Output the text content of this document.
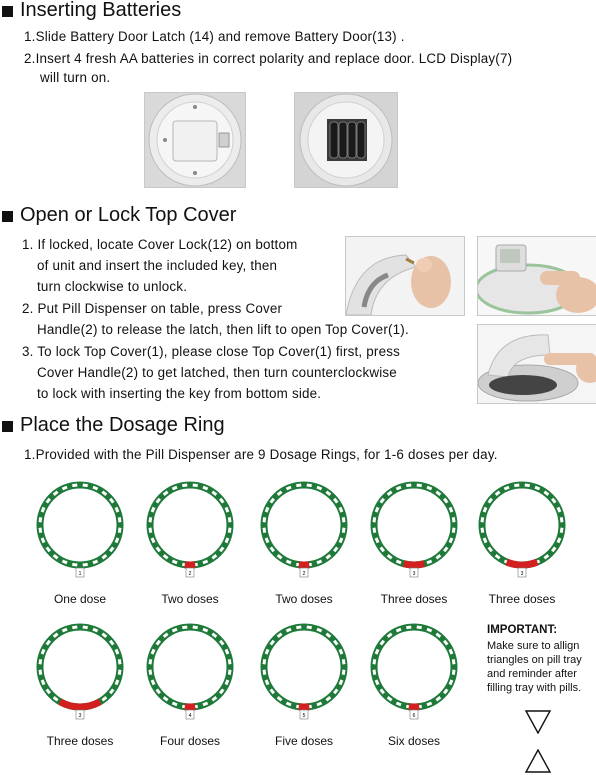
Inserting Batteries
1.Slide Battery Door Latch (14) and remove Battery Door(13) .
2.Insert 4 fresh AA batteries in correct polarity and replace door. LCD Display(7)
will turn on.
Open or Lock Top Cover
1. If locked, locate Cover Lock(12) on bottom
of unit and insert the included key, then
turn clockwise to unlock.
2. Put Pill Dispenser on table, press Cover
Handle(2) to release the latch, then lift to open Top Cover(1).
3. To lock Top Cover(1), please close Top Cover(1) first, press
Cover Handle(2) to get latched, then turn counterclockwise
to lock with inserting the key from bottom side.
Place the Dosage Ring
1.Provided with the Pill Dispenser are 9 Dosage Rings, for 1-6 doses per day.
1
One dose
2
Two doses
2
Two doses
3
Three doses
3
Three doses
3
Three doses
4
Four doses
5
Five doses
6
Six doses
IMPORTANT:
Make sure to allign
triangles on pill tray
and reminder after
filling tray with pills.
